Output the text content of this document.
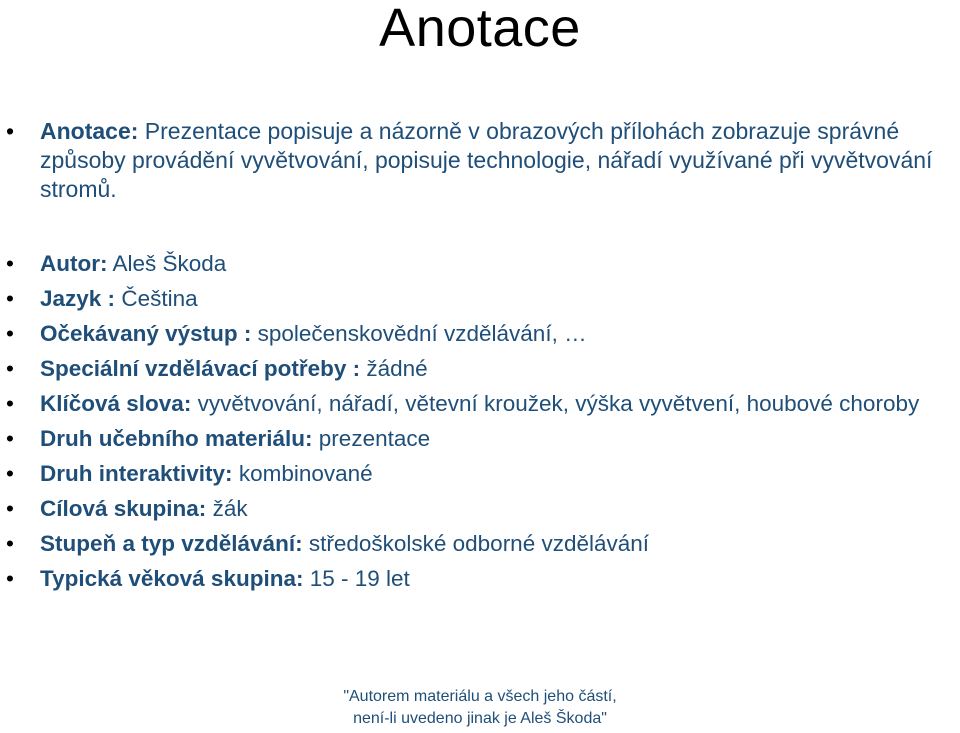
Anotace
• Anotace: Prezentace popisuje a názorně v obrazových přílohách zobrazuje správné způsoby provádění vyvětvování, popisuje technologie, nářadí využívané při vyvětvování stromů.
• Autor: Aleš Škoda
• Jazyk : Čeština
• Očekávaný výstup : společenskovědní vzdělávání, …
• Speciální vzdělávací potřeby : žádné
• Klíčová slova: vyvětvování, nářadí, větevní kroužek, výška vyvětvení, houbové choroby
• Druh učebního materiálu: prezentace
• Druh interaktivity: kombinované
• Cílová skupina: žák
• Stupeň a typ vzdělávání: středoškolské odborné vzdělávání
• Typická věková skupina: 15 - 19 let
"Autorem materiálu a všech jeho částí,
není-li uvedeno jinak je Aleš Škoda"
